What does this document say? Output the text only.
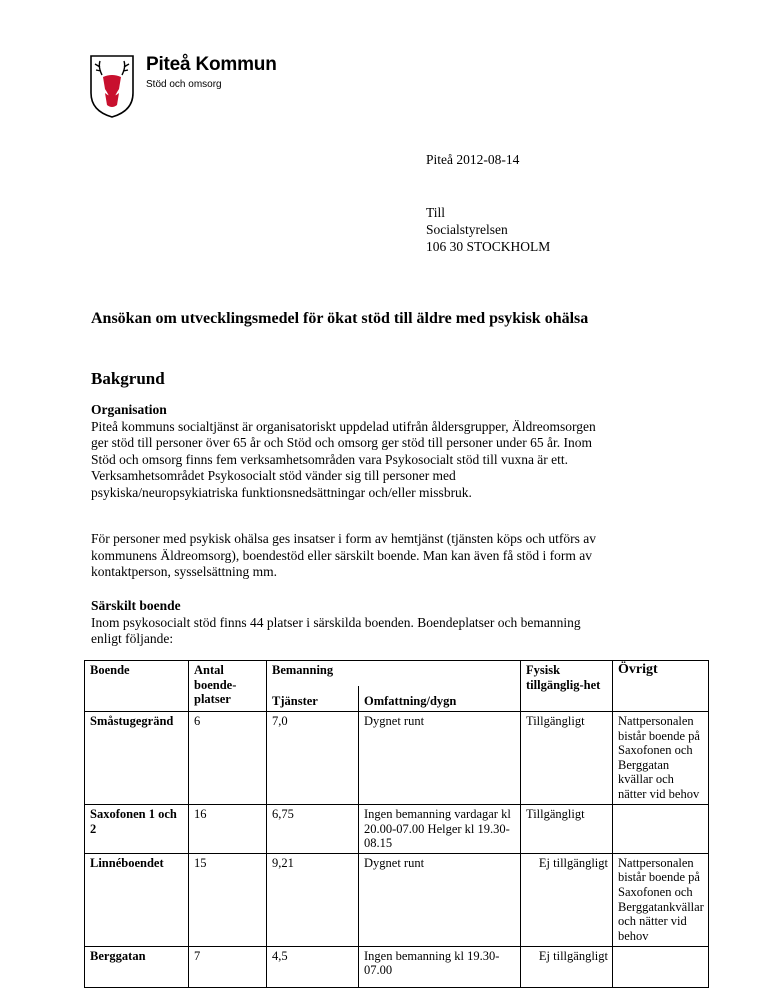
Piteå Kommun
Stöd och omsorg
Piteå 2012-08-14
Till
Socialstyrelsen
106 30 STOCKHOLM
Ansökan om utvecklingsmedel för ökat stöd till äldre med psykisk ohälsa
Bakgrund
Organisation
Piteå kommuns socialtjänst är organisatoriskt uppdelad utifrån åldersgrupper, Äldreomsorgen ger stöd till personer över 65 år och Stöd och omsorg ger stöd till personer under 65 år. Inom Stöd och omsorg finns fem verksamhetsområden vara Psykosocialt stöd till vuxna är ett. Verksamhetsområdet Psykosocialt stöd vänder sig till personer med psykiska/neuropsykiatriska funktionsnedsättningar och/eller missbruk.
För personer med psykisk ohälsa ges insatser i form av hemtjänst (tjänsten köps och utförs av kommunens Äldreomsorg), boendestöd eller särskilt boende. Man kan även få stöd i form av kontaktperson, sysselsättning mm.
Särskilt boende
Inom psykosocialt stöd finns 44 platser i särskilda boenden. Boendeplatser och bemanning enligt följande:
Boende	Antal boende-platser	Bemanning		Fysisk tillgänglig-het	Övrigt
		Tjänster	Omfattning/dygn		
Småstugegränd	6	7,0	Dygnet runt	Tillgängligt	Nattpersonalen bistår boende på Saxofonen och Berggatan kvällar och nätter vid behov
Saxofonen 1 och 2	16	6,75	Ingen bemanning vardagar kl 20.00-07.00 Helger kl 19.30-08.15	Tillgängligt	
Linnéboendet	15	9,21	Dygnet runt	Ej tillgängligt	Nattpersonalen bistår boende på Saxofonen och Berggatankvällar och nätter vid behov
Berggatan	7	4,5	Ingen bemanning kl 19.30-07.00	Ej tillgängligt	
